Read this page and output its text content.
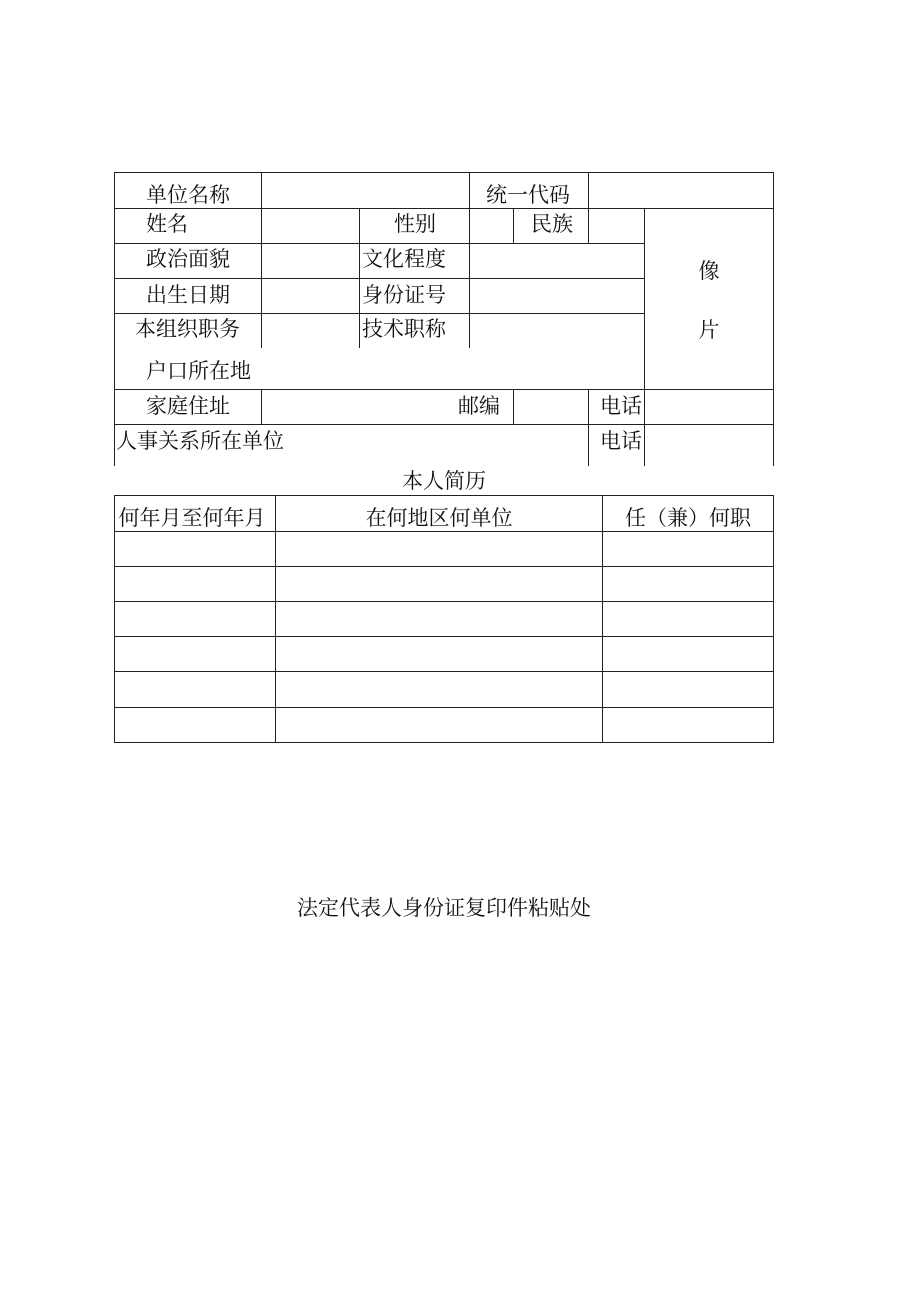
单位名称	统一代码
姓名	性别	民族
像
片
政治面貌	文化程度
出生日期	身份证号
本组织职务	技术职称
户口所在地
家庭住址	邮编	电话
人事关系所在单位	电话
本人简历
何年月至何年月	在何地区何单位	任（兼）何职
法定代表人身份证复印件粘贴处
